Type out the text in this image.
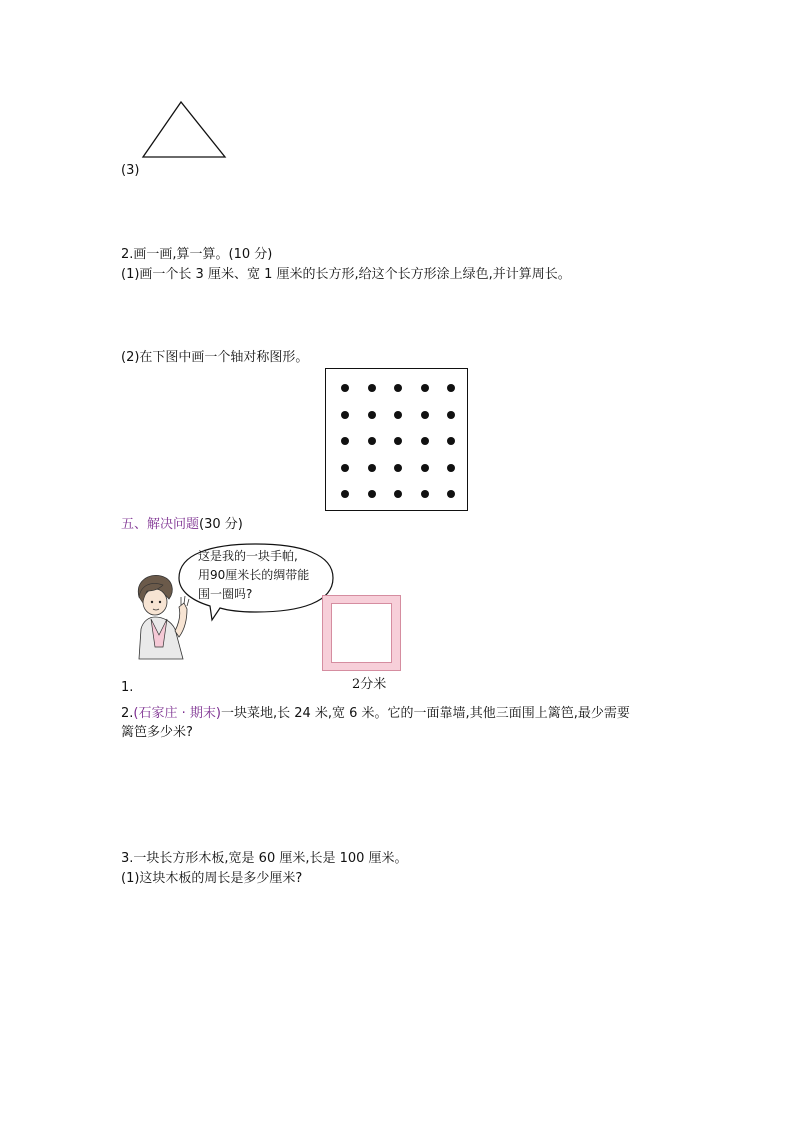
(3)
2.画一画,算一算。(10 分)
(1)画一个长 3 厘米、宽 1 厘米的长方形,给这个长方形涂上绿色,并计算周长。
(2)在下图中画一个轴对称图形。
五、解决问题(30 分)
这是我的一块手帕,
用90厘米长的绸带能
围一圈吗?
2分米
1.
2.(石家庄 · 期末)一块菜地,长 24 米,宽 6 米。它的一面靠墙,其他三面围上篱笆,最少需要
篱笆多少米?
3.一块长方形木板,宽是 60 厘米,长是 100 厘米。
(1)这块木板的周长是多少厘米?
